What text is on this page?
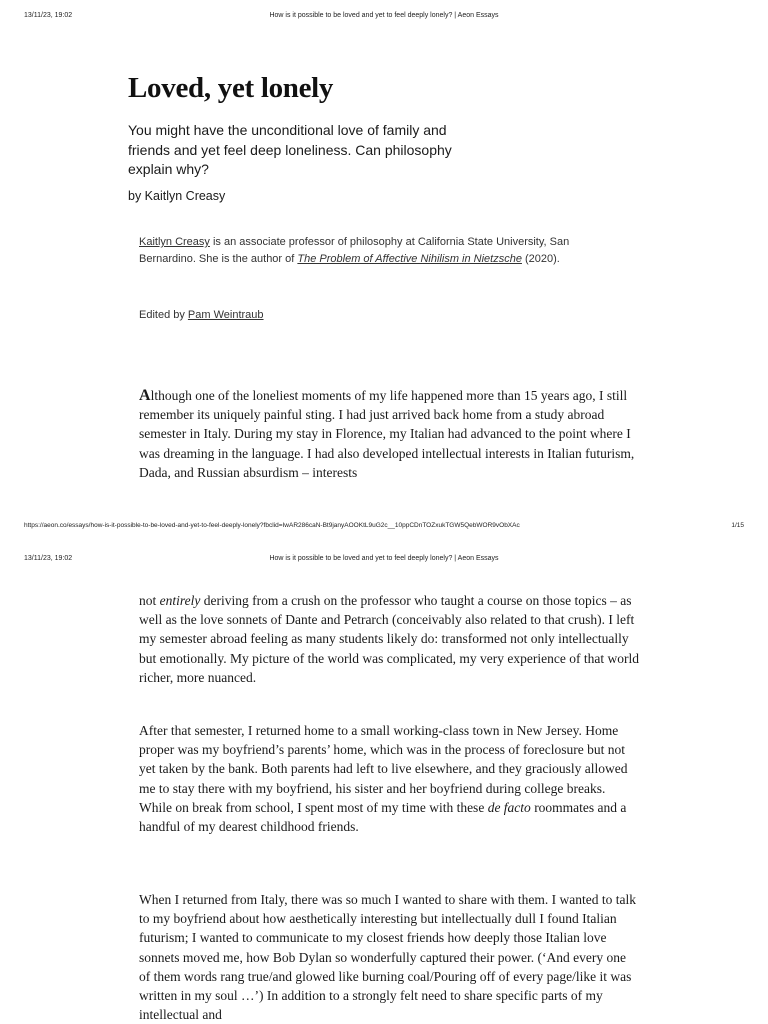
13/11/23, 19:02	How is it possible to be loved and yet to feel deeply lonely? | Aeon Essays
Loved, yet lonely

You might have the unconditional love of family and friends and yet feel deep loneliness. Can philosophy explain why?

by Kaitlyn Creasy

Kaitlyn Creasy is an associate professor of philosophy at California State University, San Bernardino. She is the author of The Problem of Affective Nihilism in Nietzsche (2020).

Edited by Pam Weintraub

Although one of the loneliest moments of my life happened more than 15 years ago, I still remember its uniquely painful sting. I had just arrived back home from a study abroad semester in Italy. During my stay in Florence, my Italian had advanced to the point where I was dreaming in the language. I had also developed intellectual interests in Italian futurism, Dada, and Russian absurdism – interests

https://aeon.co/essays/how-is-it-possible-to-be-loved-and-yet-to-feel-deeply-lonely?fbclid=IwAR286caN-Bt9janyAOOKtL9uG2c__10ppCDnTOZxukTGW5QebWOR9vObXAc	1/15
13/11/23, 19:02	How is it possible to be loved and yet to feel deeply lonely? | Aeon Essays

not entirely deriving from a crush on the professor who taught a course on those topics – as well as the love sonnets of Dante and Petrarch (conceivably also related to that crush). I left my semester abroad feeling as many students likely do: transformed not only intellectually but emotionally. My picture of the world was complicated, my very experience of that world richer, more nuanced.

After that semester, I returned home to a small working-class town in New Jersey. Home proper was my boyfriend’s parents’ home, which was in the process of foreclosure but not yet taken by the bank. Both parents had left to live elsewhere, and they graciously allowed me to stay there with my boyfriend, his sister and her boyfriend during college breaks. While on break from school, I spent most of my time with these de facto roommates and a handful of my dearest childhood friends.

When I returned from Italy, there was so much I wanted to share with them. I wanted to talk to my boyfriend about how aesthetically interesting but intellectually dull I found Italian futurism; I wanted to communicate to my closest friends how deeply those Italian love sonnets moved me, how Bob Dylan so wonderfully captured their power. (‘And every one of them words rang true/and glowed like burning coal/Pouring off of every page/like it was written in my soul …’) In addition to a strongly felt need to share specific parts of my intellectual and
